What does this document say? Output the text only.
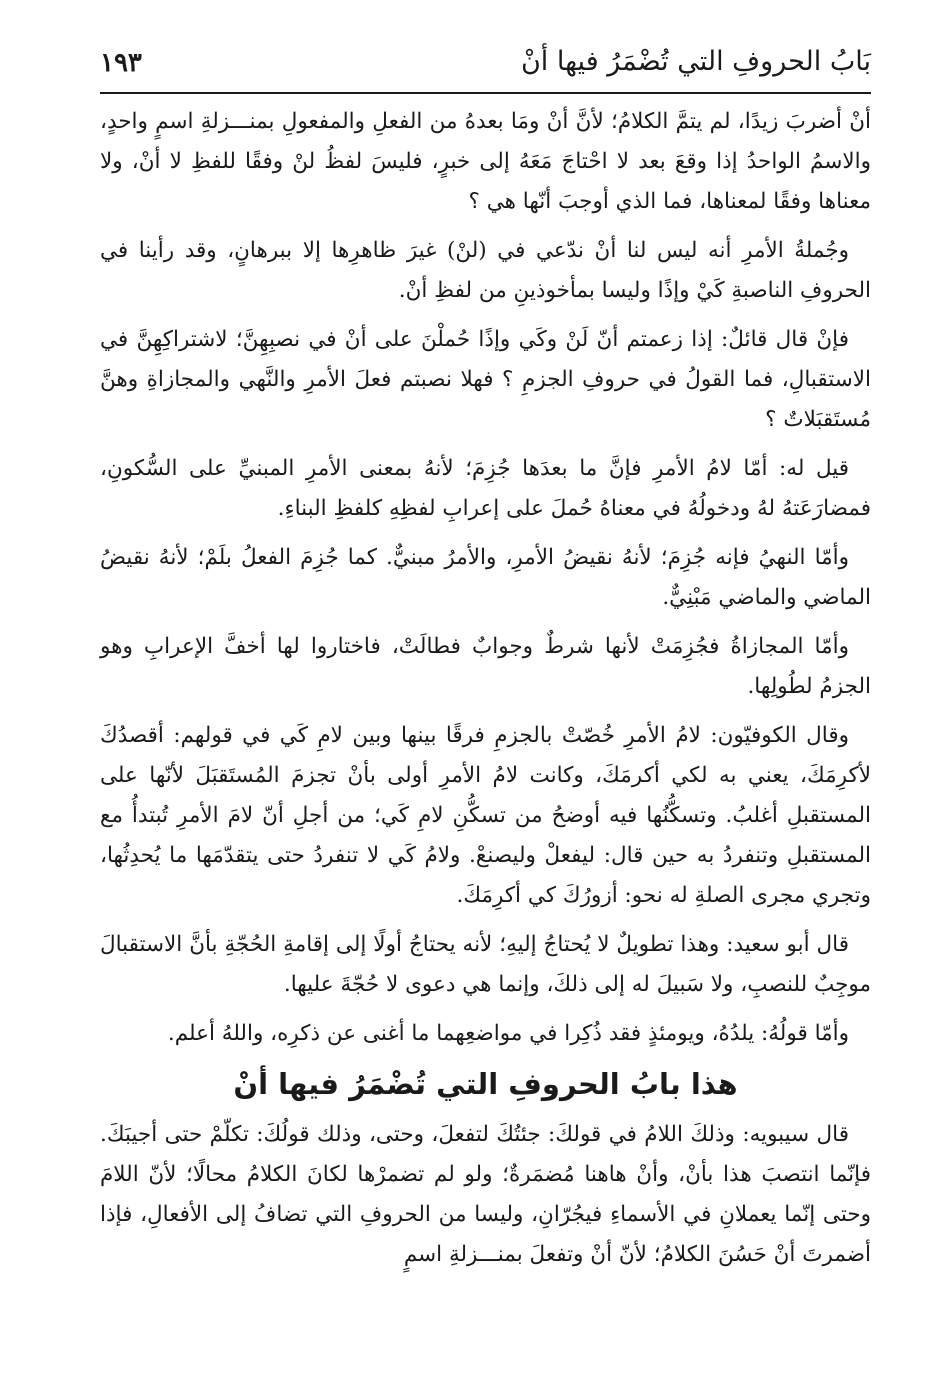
بَابُ الحروفِ التي تُضْمَرُ فيها أنْ
١٩٣

أنْ أضربَ زيدًا، لم يتمَّ الكلامُ؛ لأنَّ أنْ ومَا بعدهُ من الفعلِ والمفعولِ بمنـــزلةِ اسمٍ واحدٍ، والاسمُ الواحدُ إذا وقعَ بعد لا احْتاجَ مَعَهُ إلى خبرٍ، فليسَ لفظُ لنْ وفقًا للفظِ لا أنْ، ولا معناها وفقًا لمعناها، فما الذي أوجبَ أنّها هي ؟

وجُملةُ الأمرِ أنه ليس لنا أنْ ندّعي في (لنْ) غيرَ ظاهرِها إلا ببرهانٍ، وقد رأينا في الحروفِ الناصبةِ كَيْ وإذًا وليسا بمأخوذينِ من لفظِ أنْ.

فإنْ قال قائلٌ: إذا زعمتم أنّ لَنْ وكَي وإذًا حُملْنَ على أنْ في نصبِهِنَّ؛ لاشتراكِهِنَّ في الاستقبالِ، فما القولُ في حروفِ الجزمِ ؟ فهلا نصبتم فعلَ الأمرِ والنَّهي والمجازاةِ وهنَّ مُستَقبَلاتٌ ؟

قيل له: أمّا لامُ الأمرِ فإنَّ ما بعدَها جُزِمَ؛ لأنهُ بمعنى الأمرِ المبنيِّ على السُّكونِ، فمضارَعَتهُ لهُ ودخولُهُ في معناهُ حُملَ على إعرابِ لفظِهِ كلفظِ البناءِ.

وأمّا النهيُ فإنه جُزِمَ؛ لأنهُ نقيضُ الأمرِ، والأمرُ مبنيٌّ. كما جُزِمَ الفعلُ بلَمْ؛ لأنهُ نقيضُ الماضي والماضي مَبْنِيٌّ.

وأمّا المجازاةُ فجُزِمَتْ لأنها شرطٌ وجوابٌ فطالَتْ، فاختاروا لها أخفَّ الإعرابِ وهو الجزمُ لطُولِها.

وقال الكوفيّون: لامُ الأمرِ خُصّتْ بالجزمِ فرقًا بينها وبين لامِ كَي في قولهم: أقصدُكَ لأكرِمَكَ، يعني به لكي أكرمَكَ، وكانت لامُ الأمرِ أولى بأنْ تجزمَ المُستَقبَلَ لأنّها على المستقبلِ أغلبُ. وتسكُّنُها فيه أوضحُ من تسكُّنِ لامِ كَي؛ من أجلِ أنّ لامَ الأمرِ تُبتدأُ مع المستقبلِ وتنفردُ به حين قال: ليفعلْ وليصنعْ. ولامُ كَي لا تنفردُ حتى يتقدّمَها ما يُحدِثُها، وتجري مجرى الصلةِ له نحو: أزورُكَ كي أكرِمَكَ.

قال أبو سعيد: وهذا تطويلٌ لا يُحتاجُ إليهِ؛ لأنه يحتاجُ أولًا إلى إقامةِ الحُجّةِ بأنَّ الاستقبالَ موجِبٌ للنصبِ، ولا سَبيلَ له إلى ذلكَ، وإنما هي دعوى لا حُجّةَ عليها.

وأمّا قولُهُ: يلدُهُ، ويومئذٍ فقد ذُكِرا في مواضعِهما ما أغنى عن ذكرِه، واللهُ أعلم.

هذا بابُ الحروفِ التي تُضْمَرُ فيها أنْ

قال سيبويه: وذلكَ اللامُ في قولكَ: جئتُكَ لتفعلَ، وحتى، وذلك قولُكَ: تكلّمْ حتى أجيبَكَ. فإنّما انتصبَ هذا بأنْ، وأنْ هاهنا مُضمَرةٌ؛ ولو لم تضمرْها لكانَ الكلامُ محالًا؛ لأنّ اللامَ وحتى إنّما يعملانِ في الأسماءِ فيجُرّانِ، وليسا من الحروفِ التي تضافُ إلى الأفعالِ، فإذا أضمرتَ أنْ حَسُنَ الكلامُ؛ لأنّ أنْ وتفعلَ بمنـــزلةِ اسمٍ
